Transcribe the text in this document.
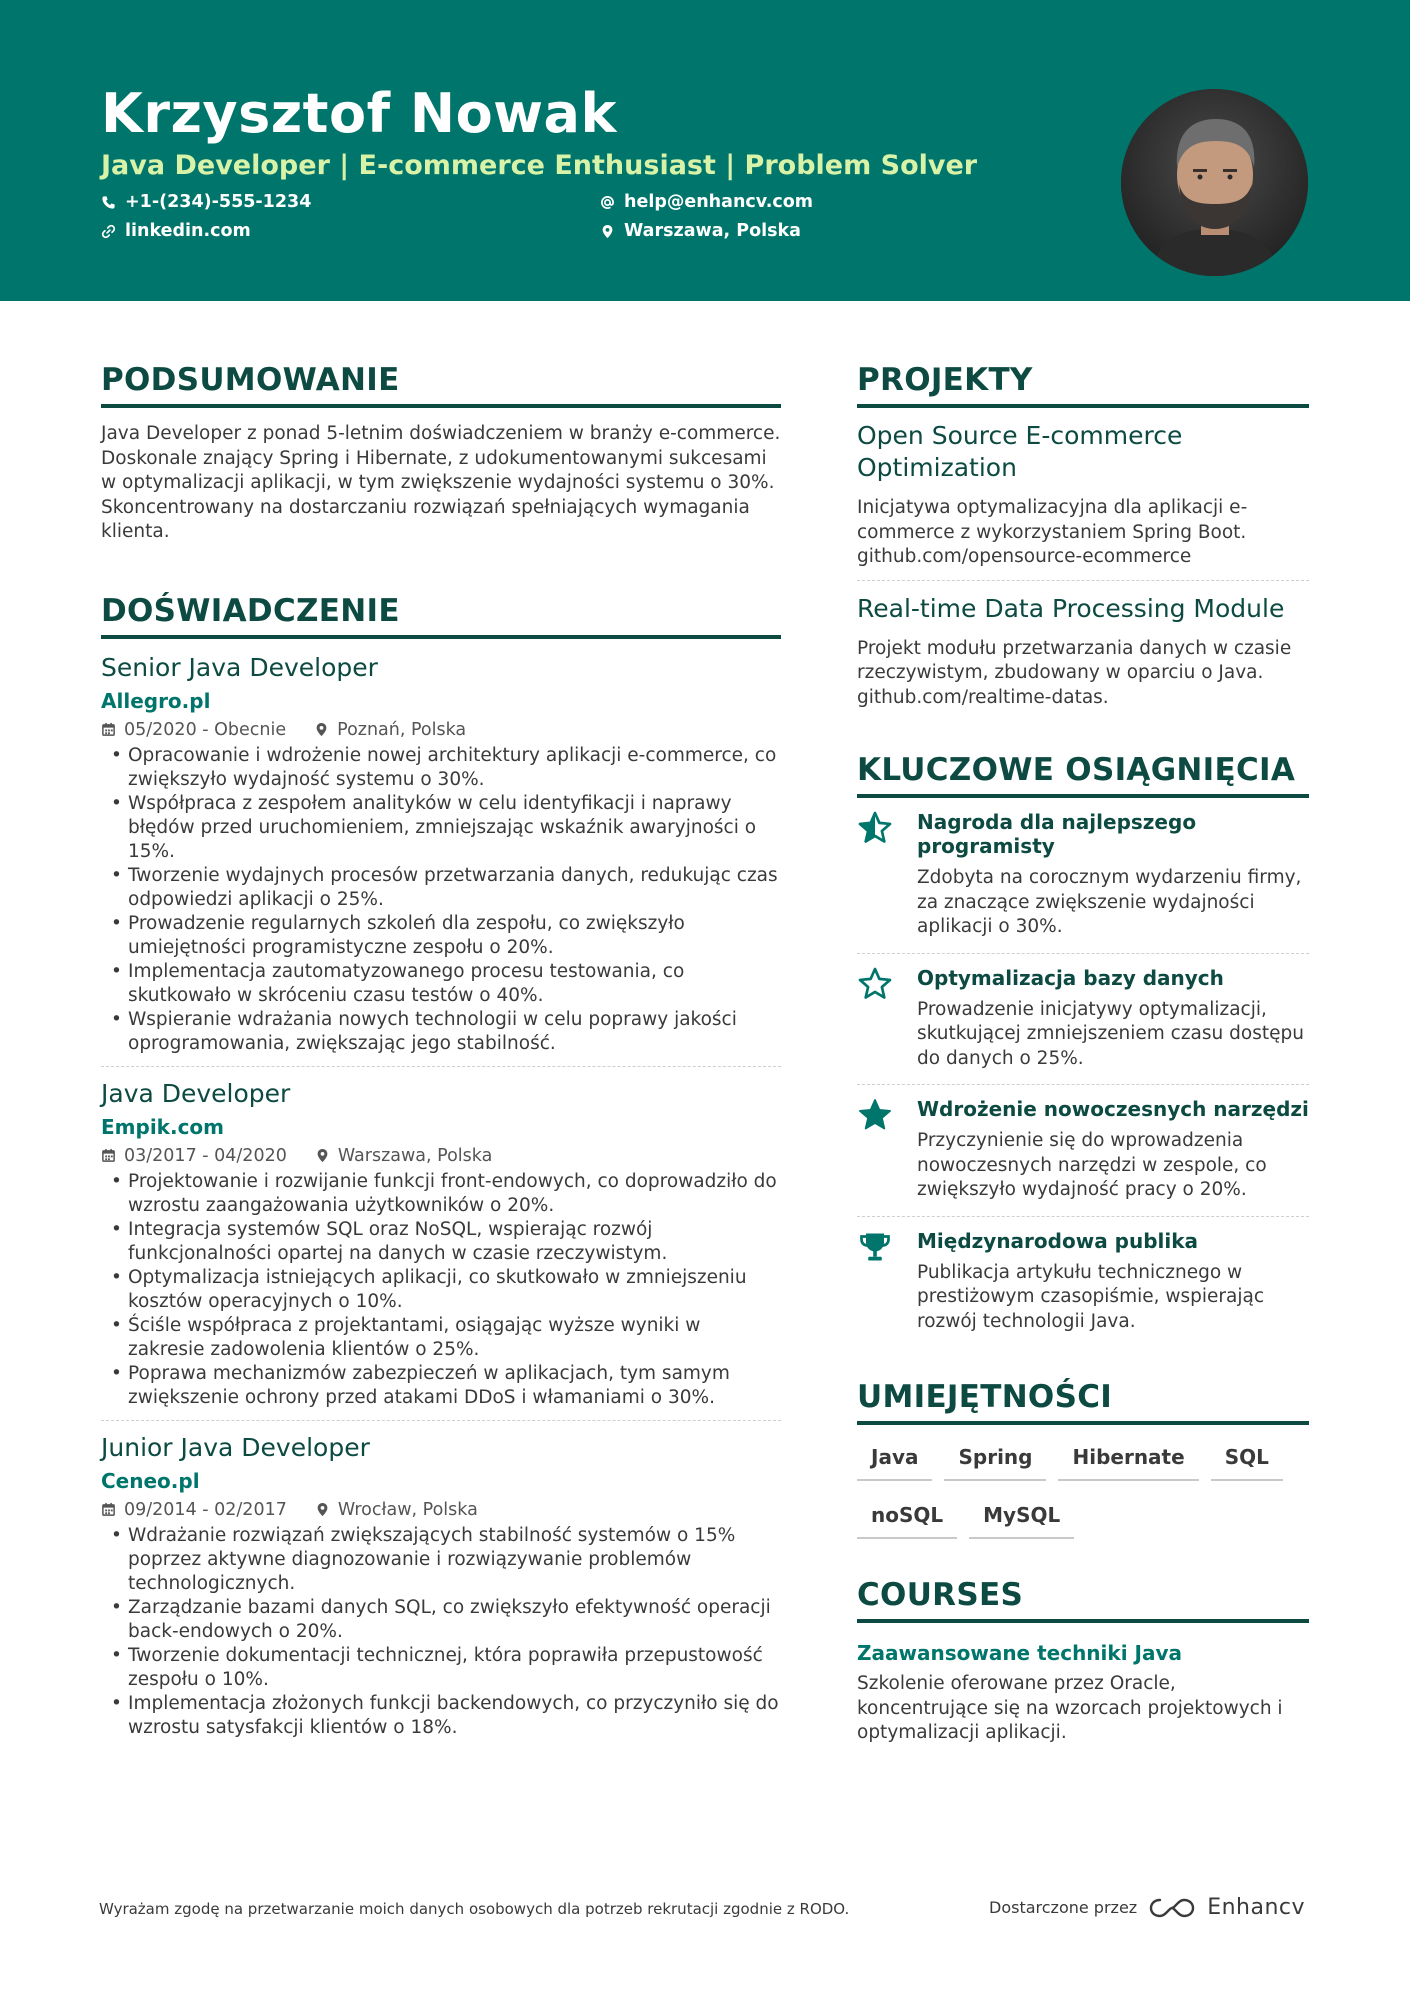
Krzysztof Nowak
Java Developer | E-commerce Enthusiast | Problem Solver
+1-(234)-555-1234	help@enhancv.com
linkedin.com	Warszawa, Polska
PODSUMOWANIE

Java Developer z ponad 5-letnim doświadczeniem w branży e-commerce. Doskonale znający Spring i Hibernate, z udokumentowanymi sukcesami w optymalizacji aplikacji, w tym zwiększenie wydajności systemu o 30%. Skoncentrowany na dostarczaniu rozwiązań spełniających wymagania klienta.

DOŚWIADCZENIE
Senior Java Developer
Allegro.pl
05/2020 - Obecnie	Poznań, Polska
• Opracowanie i wdrożenie nowej architektury aplikacji e-commerce, co zwiększyło wydajność systemu o 30%.
• Współpraca z zespołem analityków w celu identyfikacji i naprawy błędów przed uruchomieniem, zmniejszając wskaźnik awaryjności o 15%.
• Tworzenie wydajnych procesów przetwarzania danych, redukując czas odpowiedzi aplikacji o 25%.
• Prowadzenie regularnych szkoleń dla zespołu, co zwiększyło umiejętności programistyczne zespołu o 20%.
• Implementacja zautomatyzowanego procesu testowania, co skutkowało w skróceniu czasu testów o 40%.
• Wspieranie wdrażania nowych technologii w celu poprawy jakości oprogramowania, zwiększając jego stabilność.
Java Developer
Empik.com
03/2017 - 04/2020	Warszawa, Polska
• Projektowanie i rozwijanie funkcji front-endowych, co doprowadziło do wzrostu zaangażowania użytkowników o 20%.
• Integracja systemów SQL oraz NoSQL, wspierając rozwój funkcjonalności opartej na danych w czasie rzeczywistym.
• Optymalizacja istniejących aplikacji, co skutkowało w zmniejszeniu kosztów operacyjnych o 10%.
• Ściśle współpraca z projektantami, osiągając wyższe wyniki w zakresie zadowolenia klientów o 25%.
• Poprawa mechanizmów zabezpieczeń w aplikacjach, tym samym zwiększenie ochrony przed atakami DDoS i włamaniami o 30%.
Junior Java Developer
Ceneo.pl
09/2014 - 02/2017	Wrocław, Polska
• Wdrażanie rozwiązań zwiększających stabilność systemów o 15% poprzez aktywne diagnozowanie i rozwiązywanie problemów technologicznych.
• Zarządzanie bazami danych SQL, co zwiększyło efektywność operacji back-endowych o 20%.
• Tworzenie dokumentacji technicznej, która poprawiła przepustowość zespołu o 10%.
• Implementacja złożonych funkcji backendowych, co przyczyniło się do wzrostu satysfakcji klientów o 18%.
PROJEKTY
Open Source E-commerce Optimization
Inicjatywa optymalizacyjna dla aplikacji e-commerce z wykorzystaniem Spring Boot. github.com/opensource-ecommerce
Real-time Data Processing Module
Projekt modułu przetwarzania danych w czasie rzeczywistym, zbudowany w oparciu o Java. github.com/realtime-datas.
KLUCZOWE OSIĄGNIĘCIA
Nagroda dla najlepszego programisty
Zdobyta na corocznym wydarzeniu firmy, za znaczące zwiększenie wydajności aplikacji o 30%.
Optymalizacja bazy danych
Prowadzenie inicjatywy optymalizacji, skutkującej zmniejszeniem czasu dostępu do danych o 25%.
Wdrożenie nowoczesnych narzędzi
Przyczynienie się do wprowadzenia nowoczesnych narzędzi w zespole, co zwiększyło wydajność pracy o 20%.
Międzynarodowa publika
Publikacja artykułu technicznego w prestiżowym czasopiśmie, wspierając rozwój technologii Java.
UMIEJĘTNOŚCI
Java	Spring	Hibernate	SQL
noSQL	MySQL
COURSES
Zaawansowane techniki Java
Szkolenie oferowane przez Oracle, koncentrujące się na wzorcach projektowych i optymalizacji aplikacji.
Wyrażam zgodę na przetwarzanie moich danych osobowych dla potrzeb rekrutacji zgodnie z RODO.	Dostarczone przez	Enhancv
